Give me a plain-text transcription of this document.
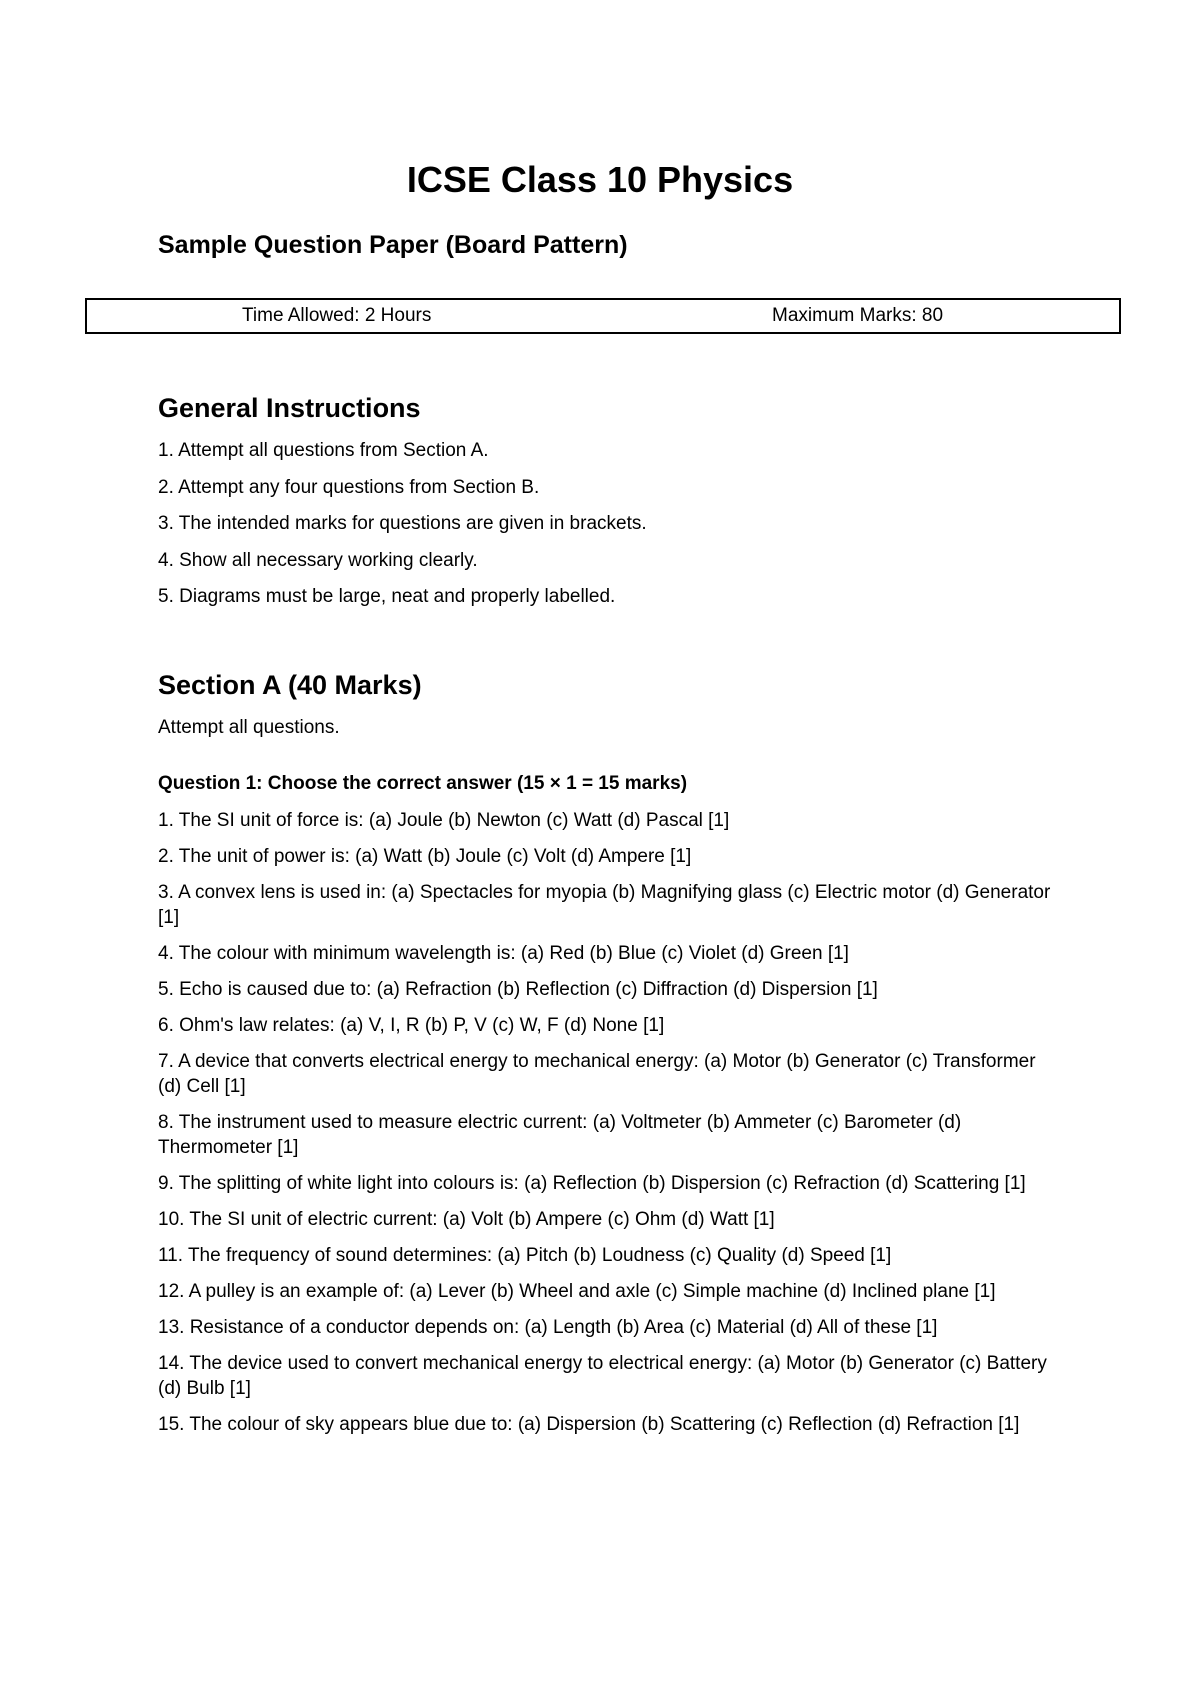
ICSE Class 10 Physics
Sample Question Paper (Board Pattern)
Time Allowed: 2 Hours	Maximum Marks: 80
General Instructions
1. Attempt all questions from Section A.
2. Attempt any four questions from Section B.
3. The intended marks for questions are given in brackets.
4. Show all necessary working clearly.
5. Diagrams must be large, neat and properly labelled.
Section A (40 Marks)

Attempt all questions.

Question 1: Choose the correct answer (15 × 1 = 15 marks)

1. The SI unit of force is: (a) Joule (b) Newton (c) Watt (d) Pascal [1]
2. The unit of power is: (a) Watt (b) Joule (c) Volt (d) Ampere [1]
3. A convex lens is used in: (a) Spectacles for myopia (b) Magnifying glass (c) Electric motor (d) Generator [1]
4. The colour with minimum wavelength is: (a) Red (b) Blue (c) Violet (d) Green [1]
5. Echo is caused due to: (a) Refraction (b) Reflection (c) Diffraction (d) Dispersion [1]
6. Ohm's law relates: (a) V, I, R (b) P, V (c) W, F (d) None [1]
7. A device that converts electrical energy to mechanical energy: (a) Motor (b) Generator (c) Transformer (d) Cell [1]
8. The instrument used to measure electric current: (a) Voltmeter (b) Ammeter (c) Barometer (d) Thermometer [1]
9. The splitting of white light into colours is: (a) Reflection (b) Dispersion (c) Refraction (d) Scattering [1]
10. The SI unit of electric current: (a) Volt (b) Ampere (c) Ohm (d) Watt [1]
11. The frequency of sound determines: (a) Pitch (b) Loudness (c) Quality (d) Speed [1]
12. A pulley is an example of: (a) Lever (b) Wheel and axle (c) Simple machine (d) Inclined plane [1]
13. Resistance of a conductor depends on: (a) Length (b) Area (c) Material (d) All of these [1]
14. The device used to convert mechanical energy to electrical energy: (a) Motor (b) Generator (c) Battery (d) Bulb [1]
15. The colour of sky appears blue due to: (a) Dispersion (b) Scattering (c) Reflection (d) Refraction [1]
